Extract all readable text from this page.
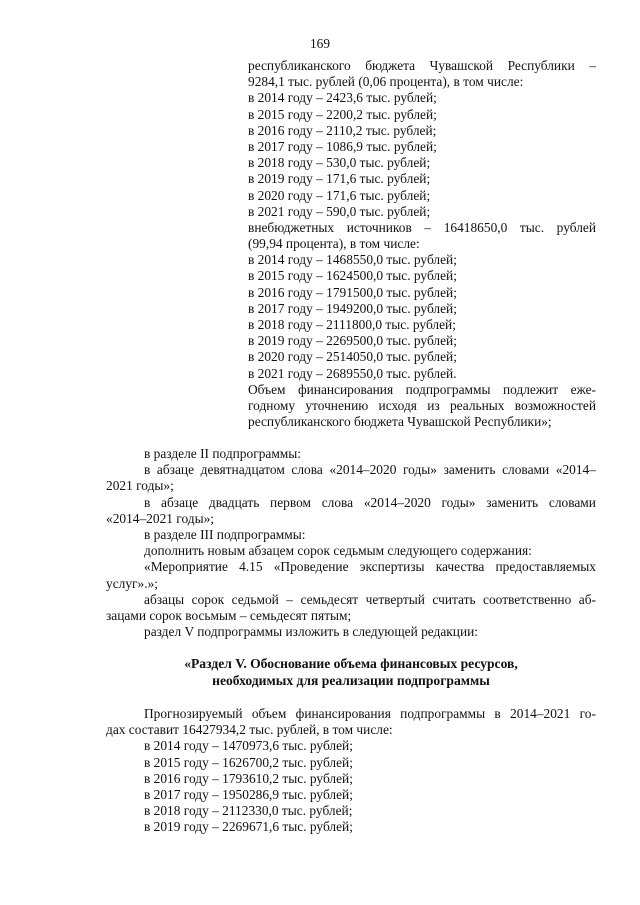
169
республиканского бюджета Чувашской Республики –
9284,1 тыс. рублей (0,06 процента), в том числе:
в 2014 году – 2423,6 тыс. рублей;
в 2015 году – 2200,2 тыс. рублей;
в 2016 году – 2110,2 тыс. рублей;
в 2017 году – 1086,9 тыс. рублей;
в 2018 году – 530,0 тыс. рублей;
в 2019 году – 171,6 тыс. рублей;
в 2020 году – 171,6 тыс. рублей;
в 2021 году – 590,0 тыс. рублей;
внебюджетных источников – 16418650,0 тыс. рублей
(99,94 процента), в том числе:
в 2014 году – 1468550,0 тыс. рублей;
в 2015 году – 1624500,0 тыс. рублей;
в 2016 году – 1791500,0 тыс. рублей;
в 2017 году – 1949200,0 тыс. рублей;
в 2018 году – 2111800,0 тыс. рублей;
в 2019 году – 2269500,0 тыс. рублей;
в 2020 году – 2514050,0 тыс. рублей;
в 2021 году – 2689550,0 тыс. рублей.
Объем финансирования подпрограммы подлежит еже-
годному уточнению исходя из реальных возможностей
республиканского бюджета Чувашской Республики»;
в разделе II подпрограммы:
в абзаце девятнадцатом слова «2014–2020 годы» заменить словами «2014–
2021 годы»;
в абзаце двадцать первом слова «2014–2020 годы» заменить словами
«2014–2021 годы»;
в разделе III подпрограммы:
дополнить новым абзацем сорок седьмым следующего содержания:
«Мероприятие 4.15 «Проведение экспертизы качества предоставляемых
услуг».»;
абзацы сорок седьмой – семьдесят четвертый считать соответственно аб-
зацами сорок восьмым – семьдесят пятым;
раздел V подпрограммы изложить в следующей редакции:
«Раздел V. Обоснование объема финансовых ресурсов,
необходимых для реализации подпрограммы
Прогнозируемый объем финансирования подпрограммы в 2014–2021 го-
дах составит 16427934,2 тыс. рублей, в том числе:
в 2014 году – 1470973,6 тыс. рублей;
в 2015 году – 1626700,2 тыс. рублей;
в 2016 году – 1793610,2 тыс. рублей;
в 2017 году – 1950286,9 тыс. рублей;
в 2018 году – 2112330,0 тыс. рублей;
в 2019 году – 2269671,6 тыс. рублей;
